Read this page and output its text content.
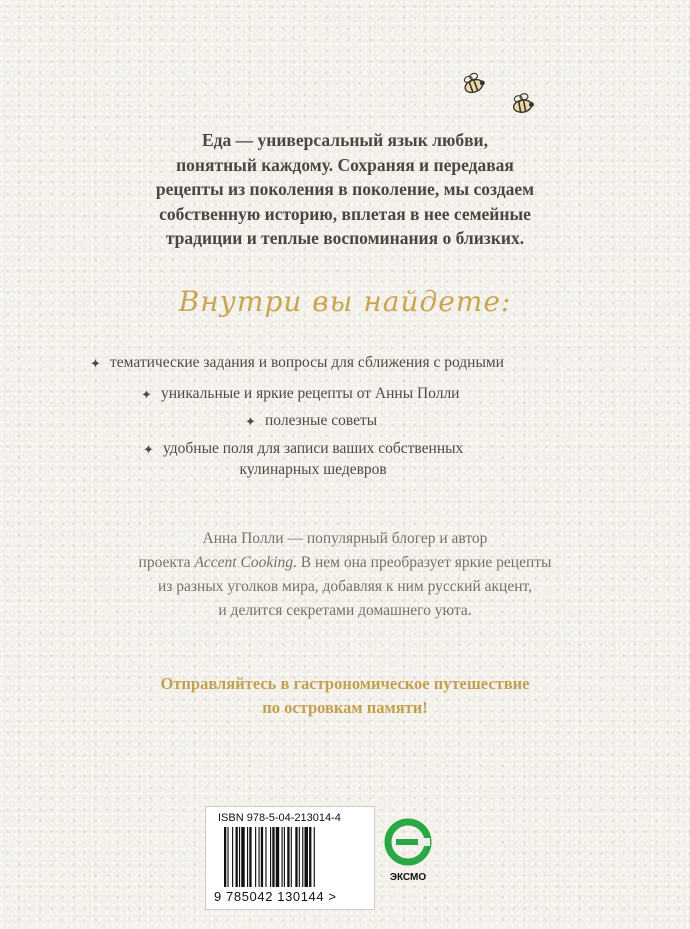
Еда — универсальный язык любви,
понятный каждому. Сохраняя и передавая
рецепты из поколения в поколение, мы создаем
собственную историю, вплетая в нее семейные
традиции и теплые воспоминания о близких.
Внутри вы найдете:
✦ тематические задания и вопросы для сближения с родными
✦ уникальные и яркие рецепты от Анны Полли
✦ полезные советы
✦ удобные поля для записи ваших собственных
кулинарных шедевров
Анна Полли — популярный блогер и автор
проекта Accent Cooking. В нем она преобразует яркие рецепты
из разных уголков мира, добавляя к ним русский акцент,
и делится секретами домашнего уюта.
Отправляйтесь в гастрономическое путешествие
по островкам памяти!
ISBN 978-5-04-213014-4
9 785042 130144 >
ЭКСМО
